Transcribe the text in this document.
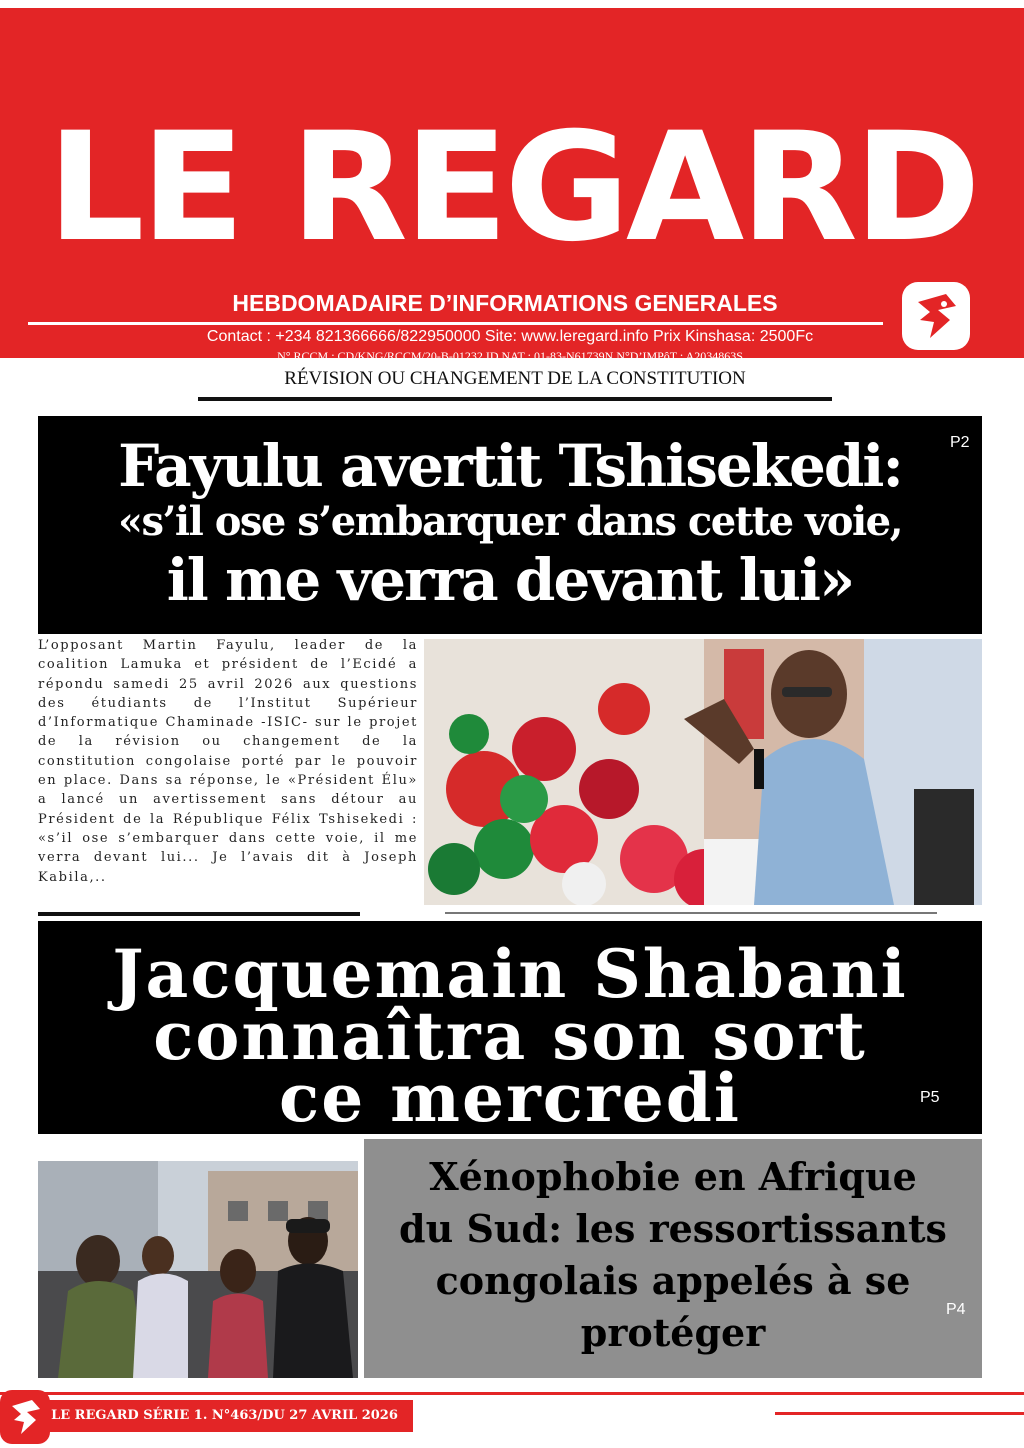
LE REGARD
HEBDOMADAIRE D’INFORMATIONS GENERALES
Contact : +234 821366666/822950000 Site: www.leregard.info Prix Kinshasa: 2500Fc
N° RCCM : CD/KNG/RCCM/20-B-01232 ID.NAT : 01-83-N61739N N°D’IMPôT : A2034863S
RÉVISION OU CHANGEMENT DE LA CONSTITUTION
Fayulu avertit Tshisekedi:
«s’il ose s’embarquer dans cette voie,
il me verra devant lui»
P2
L’opposant Martin Fayulu, leader de la coalition Lamuka et président de l’Ecidé a répondu samedi 25 avril 2026 aux questions des étudiants de l’Institut Supérieur d’Informatique Chaminade -ISIC- sur le projet de la révision ou changement de la constitution congolaise porté par le pouvoir en place. Dans sa réponse, le «Président Élu» a lancé un avertissement sans détour au Président de la République Félix Tshisekedi : «s’il ose s’embarquer dans cette voie, il me verra devant lui... Je l’avais dit à Joseph Kabila,..
Jacquemain Shabani
connaîtra son sort
ce mercredi	P5
Xénophobie en Afrique
du Sud: les ressortissants
congolais appelés à se
protéger
P4
LE REGARD SÉRIE 1. N°463/DU 27 AVRIL 2026
